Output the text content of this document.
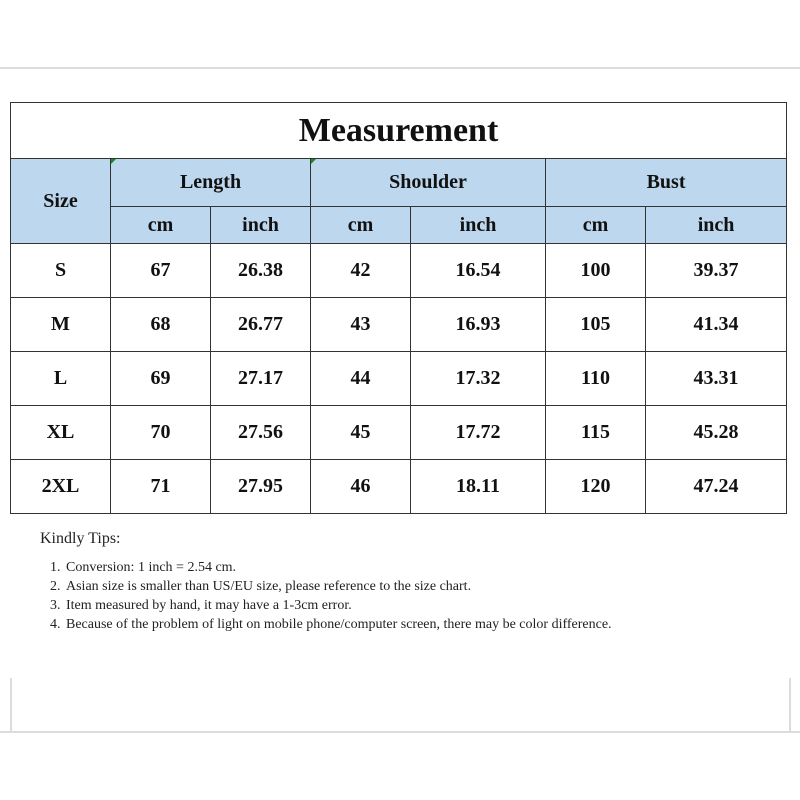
Measurement						
Size	Length		Shoulder		Bust	
	cm	inch	cm	inch	cm	inch
S	67	26.38	42	16.54	100	39.37
M	68	26.77	43	16.93	105	41.34
L	69	27.17	44	17.32	110	43.31
XL	70	27.56	45	17.72	115	45.28
2XL	71	27.95	46	18.11	120	47.24
Kindly Tips:
1. Conversion: 1 inch = 2.54 cm.
2. Asian size is smaller than US/EU size, please reference to the size chart.
3. Item measured by hand, it may have a 1-3cm error.
4. Because of the problem of light on mobile phone/computer screen, there may be color difference.
